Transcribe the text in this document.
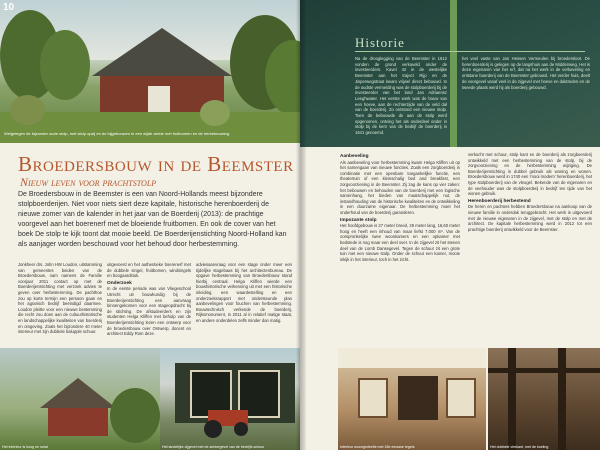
10
Welgelegen de bijzonder oude stolp, met stolp opzij en de bijgebouwen in een wijde weide met fruitbomen en de herbebouwing.
Broedersbouw in de Beemster
Nieuw leven voor prachtstolp

De Broedersbouw in de Beemster is een van Noord-Hollands meest bijzondere stolpboerderijen. Niet voor niets siert deze kapitale, historische herenboerderij de nieuwe zomer van de kalender in het jaar van de Boerderij (2013): de prachtige voorgevel aan het boerenerf met de bloeiende fruitbomen. En ook de cover van het boek De stolp te kijk toont dat mooie beeld. De Boerderijenstichting Noord-Holland kan als aanjager worden beschouwd voor het behoud door herbestemming.

Jonkheer drs. John HW Loudon, uitstamming van gemeentes beiden van de Broedersbouw, nam namens de Familie voorjaar 2011 contact op met de Boerderijenstichting met verzoek advies te geven over herbestemming. De pachthoe zou op korte termijn een persoon gaan en het agrarisch bedrijf beëindigd daarmee. Loudon pleitte voor een nieuwe bestemming die recht zou doen aan de cultuurhistorische en landschappelijke kwaliteiten van boerderij en omgeving. Zoals het bijzondere 40 meter interieur met zijn dubbele balupple schuur.

uitgevoerd en het authentieke boerenerf met de dubbele singel, fruitbomen, windsingels en boogaardstuk.

Onderzoek

In de eerste periode was van Vliegeschool Utrecht uit bouwkundig bij de Boerderijenstichting een aanvraag binnengekomen voor een stageopdracht bij de stichting. De afstudeerders en zijn studenten Helga Kliffen met behulp van de Boerderijenstichting lezen een ontwerp voor de broedersbouw over Ontwerp, docent en architect Eddy Rom deze.

adviesaanvraag voor een stage onder meer een tijdelijke stagebaas bij het architectenbureau. De opgave herbestemming van Broedersbouw stond hierbij centraal. Helga Kliffen wierde een bouwhistorische verkenning uit met een historische inleiding, een waardestelling en een onderzoeksrapport met ondersteunde plan aanbevelingen voor fouchen van herbestemming. Bouwtechnisch verkende de boerderij, Rijksmonument, in 2011 al in relatief matige staat, en andere onderdelen zelfs minder dan matig.

Het interieur is hoog en smal	Het landelijke zijgevel met de achtergevel van de bedrijfs schuur
Historie

Na de drooglegging van de Beemster in 1612 vonden de grond verkaveld onder de investeerders. Kavel 42 in de westelijke Beemster aan het traject Rijp en de Jisperwegstraat kwam vrijwel direct bebouwd. In de oudste vermelding was de stolpboerderij bij de investeerder van het land Jan Adriaensz Leeghwater. Het eerste werk was de bouw van een hoeve, aan de rechterzijde van de veld dal van de boerderij. Zo ontstond een nieuwe stolp. Toen de bebouwde de aan de stolp werd opgenomen, ontving het als onderdeel onder in stolp bij de kern van de bedrijf de boerderij in 1641 genoemd.

het veel vaste van Jan Hessen Vermeulen bij broedersloot. De herenboerderij is gelegen op de langshuis aan de Middenweg. Het is deze eigenaren van het erf, dat na het werk in de verkaveling en ontstane boerderij van de Beemster gebouwd. Het verder huis, deelt de voorgevel vanaf veel in de zijgevel met hoeve en daktreden en de tweede plaats werd hij als boerderij gebouwd.

Aanbeveling

Als aanbeveling voor herbestemming kwam Helga Kliffen uit op het samengaan van nieuwe functies. Zoals een zorgboerderij in combinatie met een openbare toegankelijke functie, een theatertuin of een kleinschalig bed and breakfast, een zorgvoorziening in de Beemster. Zij zag de kans op vier zaken: het bebouwen en behouden van de boerderij met een logische samenhang, het bieden van maatschappelijk nut, de instandhouding van de historische kwaliteiten en de ontwikkeling in een duurzame eigenaar. De herbestemming moet het onderhoud van de boerderij garanderen.

Impozante stolp

Het hoofdgebouw is 27 meter breed, 29 meter lang, 16,60 meter hoog en heeft een inhoud van maar liefst 7.000 m³. Van de oorspronkelijke twee woonkamers en een opkamer met bedstede is nog maar een deel over. In de zijgevel zit het stenen deel van de Lomb Dansegevel. Tegen de schuur zit een grote tuin met een nieuwe stolp. Onder de schuur een kamer, mooie inkijk in het interieur, toch in het zicht.

verkocht met schuur, stolp kant en de boerderij als zorgboerderij ontwikkeld met een herbestemming van de stolp, bij de zorgvoorziening en de herbestemming wijziging. De Boerderijenstichting in dubbel gebruik als woning en wonen. Broedersbouw werd in 1740 een 'mooi modern' herenboerderij, het type stolpboerderij van de vleugel. Bekende van de eigenaren en de veehouder was de stolpboerderij in bedrijf ten tijde van het wonen gebruik.

Herenboerderij herbestemd

De heren en pachters hebben Broedersbouw na aankoop van de nieuwe familie in onderdak teruggebracht. Het werk is uitgevoerd met de nieuwe eigenaren in de zijgevel, met de stolp en met de architect. De kapitale herbestemming werd in 2012 tot een prachtige boerderij ontwikkeld voor de Beemster.

Interieur woongedeelte met 18e eeuwse tegels	Het dubbele vierkant, met de koeling
